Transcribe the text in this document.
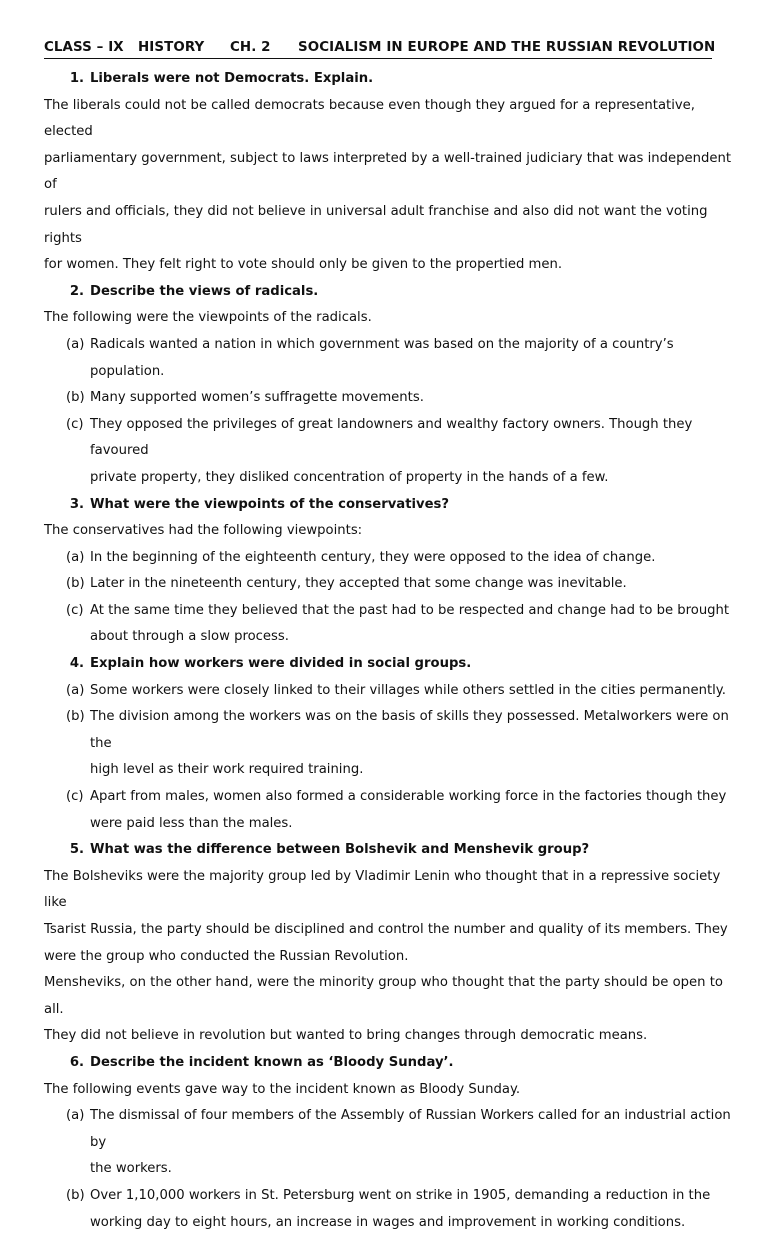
CLASS – IX HISTORY CH. 2 SOCIALISM IN EUROPE AND THE RUSSIAN REVOLUTION
1. Liberals were not Democrats. Explain.
The liberals could not be called democrats because even though they argued for a representative, elected
parliamentary government, subject to laws interpreted by a well-trained judiciary that was independent of
rulers and officials, they did not believe in universal adult franchise and also did not want the voting rights
for women. They felt right to vote should only be given to the propertied men.
2. Describe the views of radicals.
The following were the viewpoints of the radicals.
(a) Radicals wanted a nation in which government was based on the majority of a country’s population.
(b) Many supported women’s suffragette movements.
(c) They opposed the privileges of great landowners and wealthy factory owners. Though they favoured
private property, they disliked concentration of property in the hands of a few.
3. What were the viewpoints of the conservatives?
The conservatives had the following viewpoints:
(a) In the beginning of the eighteenth century, they were opposed to the idea of change.
(b) Later in the nineteenth century, they accepted that some change was inevitable.
(c) At the same time they believed that the past had to be respected and change had to be brought
about through a slow process.
4. Explain how workers were divided in social groups.
(a) Some workers were closely linked to their villages while others settled in the cities permanently.
(b) The division among the workers was on the basis of skills they possessed. Metalworkers were on the
high level as their work required training.
(c) Apart from males, women also formed a considerable working force in the factories though they
were paid less than the males.
5. What was the difference between Bolshevik and Menshevik group?
The Bolsheviks were the majority group led by Vladimir Lenin who thought that in a repressive society like
Tsarist Russia, the party should be disciplined and control the number and quality of its members. They
were the group who conducted the Russian Revolution.
Mensheviks, on the other hand, were the minority group who thought that the party should be open to all.
They did not believe in revolution but wanted to bring changes through democratic means.
6. Describe the incident known as ‘Bloody Sunday’.
The following events gave way to the incident known as Bloody Sunday.
(a) The dismissal of four members of the Assembly of Russian Workers called for an industrial action by
the workers.
(b) Over 1,10,000 workers in St. Petersburg went on strike in 1905, demanding a reduction in the
working day to eight hours, an increase in wages and improvement in working conditions.
